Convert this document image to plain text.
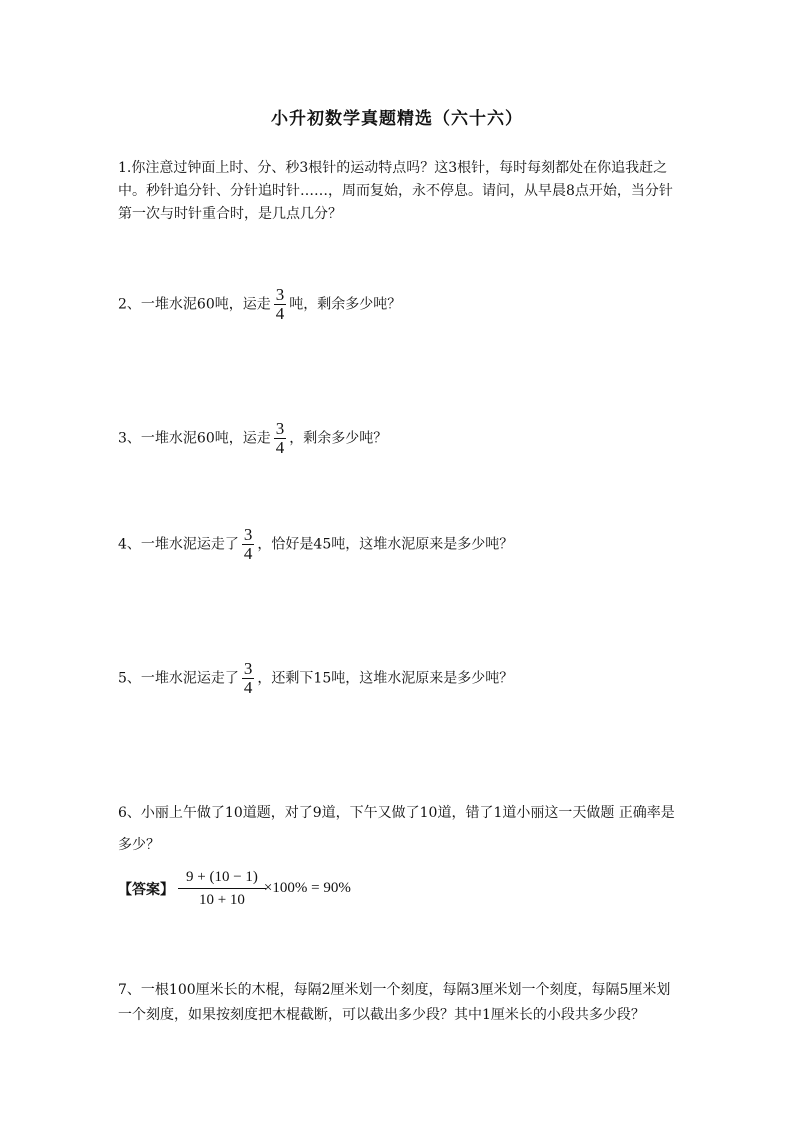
小升初数学真题精选（六十六）
1.你注意过钟面上时、分、秒3根针的运动特点吗？这3根针，每时每刻都处在你追我赶之中。秒针追分针、分针追时针……，周而复始，永不停息。请问，从早晨8点开始，当分针第一次与时针重合时，是几点几分？
2、一堆水泥60吨，运走 $\frac{3}{4}$ 吨，剩余多少吨？
3、一堆水泥60吨，运走 $\frac{3}{4}$ ，剩余多少吨？
4、一堆水泥运走了 $\frac{3}{4}$ ，恰好是45吨，这堆水泥原来是多少吨？
5、一堆水泥运走了 $\frac{3}{4}$ ，还剩下15吨，这堆水泥原来是多少吨？
6、小丽上午做了10道题，对了9道，下午又做了10道，错了1道小丽这一天做题 正确率是多少？
【答案】 $\frac{9 + (10 - 1)}{10 + 10} \times 100\% = 90\%$
7、一根100厘米长的木棍，每隔2厘米划一个刻度，每隔3厘米划一个刻度，每隔5厘米划一个刻度，如果按刻度把木棍截断，可以截出多少段？其中1厘米长的小段共多少段？
